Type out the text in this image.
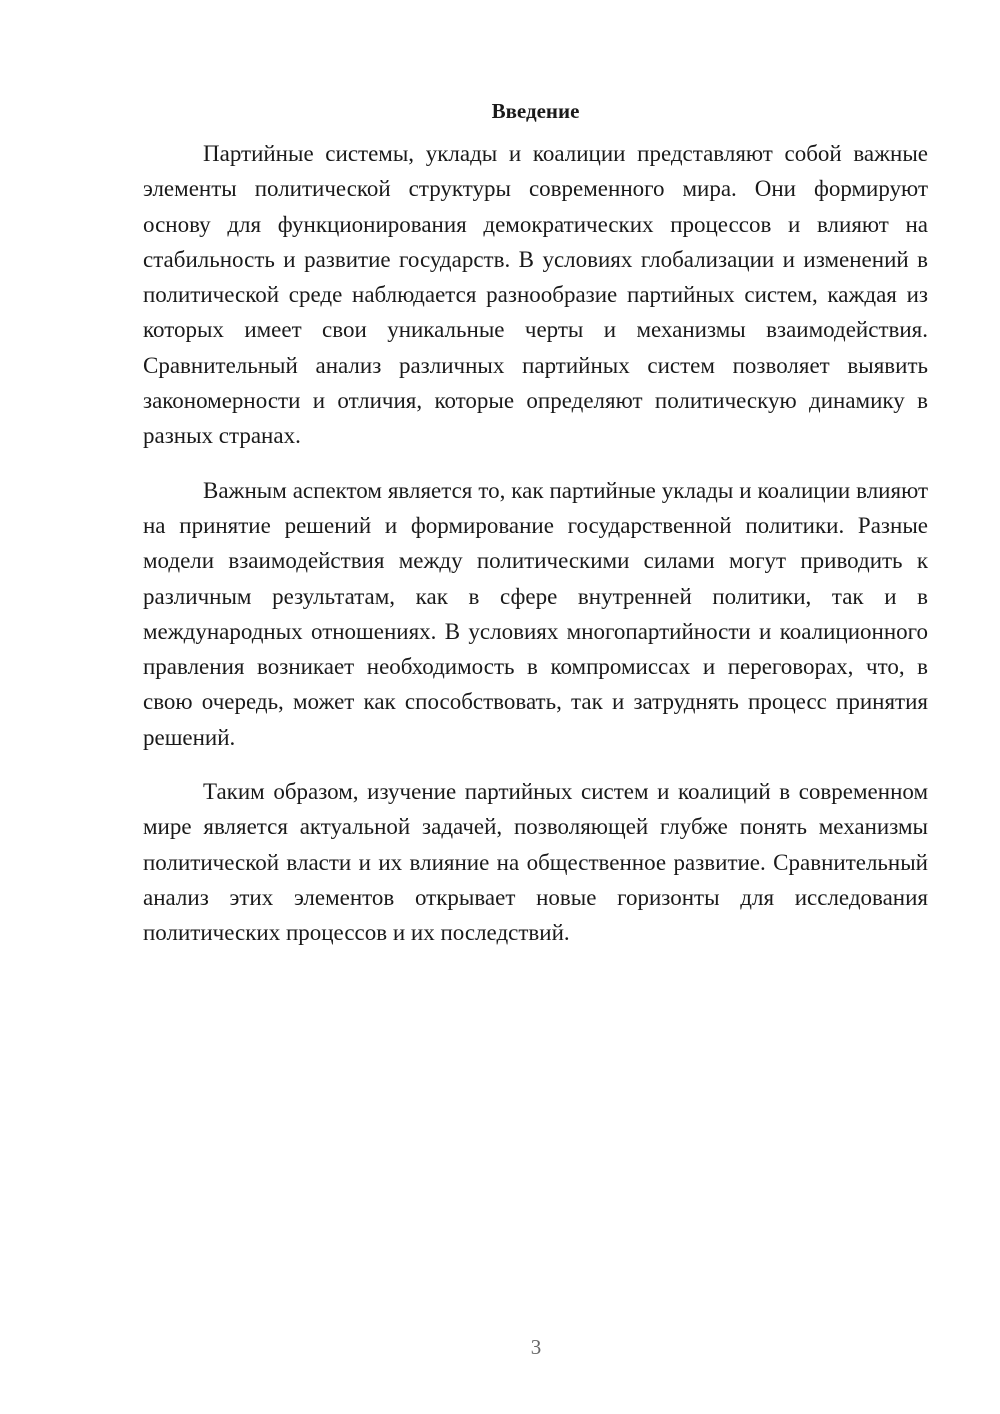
Введение

Партийные системы, уклады и коалиции представляют собой важные элементы политической структуры современного мира. Они формируют основу для функционирования демократических процессов и влияют на стабильность и развитие государств. В условиях глобализации и изменений в политической среде наблюдается разнообразие партийных систем, каждая из которых имеет свои уникальные черты и механизмы взаимодействия. Сравнительный анализ различных партийных систем позволяет выявить закономерности и отличия, которые определяют политическую динамику в разных странах.

Важным аспектом является то, как партийные уклады и коалиции влияют на принятие решений и формирование государственной политики. Разные модели взаимодействия между политическими силами могут приводить к различным результатам, как в сфере внутренней политики, так и в международных отношениях. В условиях многопартийности и коалиционного правления возникает необходимость в компромиссах и переговорах, что, в свою очередь, может как способствовать, так и затруднять процесс принятия решений.

Таким образом, изучение партийных систем и коалиций в современном мире является актуальной задачей, позволяющей глубже понять механизмы политической власти и их влияние на общественное развитие. Сравнительный анализ этих элементов открывает новые горизонты для исследования политических процессов и их последствий.

3
